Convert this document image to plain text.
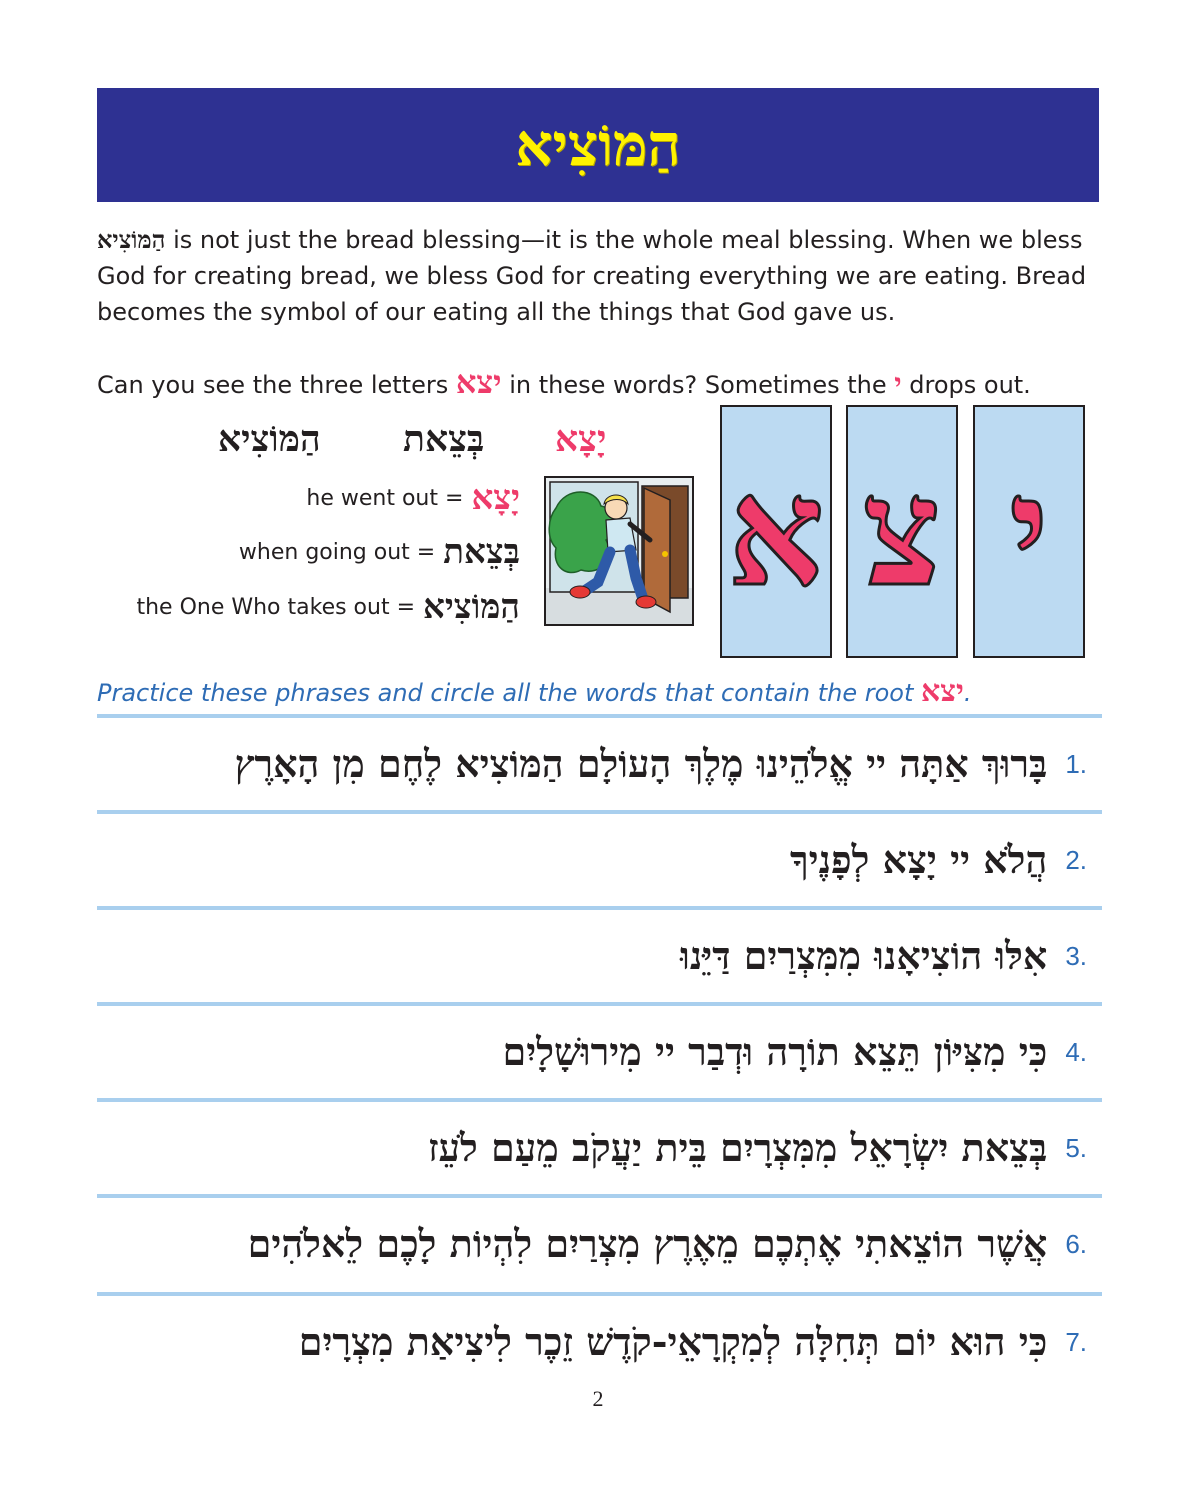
הַמּוֹצִיא
הַמּוֹצִיא is not just the bread blessing—it is the whole meal blessing. When we bless God for creating bread, we bless God for creating everything we are eating. Bread becomes the symbol of our eating all the things that God gave us.
Can you see the three letters יצא in these words? Sometimes the י drops out.
יָצָא
בְּצֵאת
הַמּוֹצִיא
he went out = יָצָא
when going out = בְּצֵאת
the One Who takes out = הַמּוֹצִיא א צ י
Practice these phrases and circle all the words that contain the root יצא.
1.
בָּרוּךְ אַתָּה יי אֱלֹהֵינוּ מֶלֶךְ הָעוֹלָם הַמּוֹצִיא לֶחֶם מִן הָאָרֶץ
2.
הֲלֹא יי יָצָא לְפָנֶיךָ
3.
אִלּוּ הוֹצִיאָנוּ מִמִּצְרַיִם דַּיֵּנוּ
4.
כִּי מִצִּיּוֹן תֵּצֵא תוֹרָה וּדְבַר יי מִירוּשָׁלָיִם
5.
בְּצֵאת יִשְׂרָאֵל מִמִּצְרָיִם בֵּית יַעֲקֹב מֵעַם לֹעֵז
6.
אֲשֶׁר הוֹצֵאתִי אֶתְכֶם מֵאֶרֶץ מִצְרַיִם לִהְיוֹת לָכֶם לֵאלֹהִים
7.
כִּי הוּא יוֹם תְּחִלָּה לְמִקְרָאֵי-קֹדֶשׁ זֵכֶר לִיצִיאַת מִצְרָיִם
2
